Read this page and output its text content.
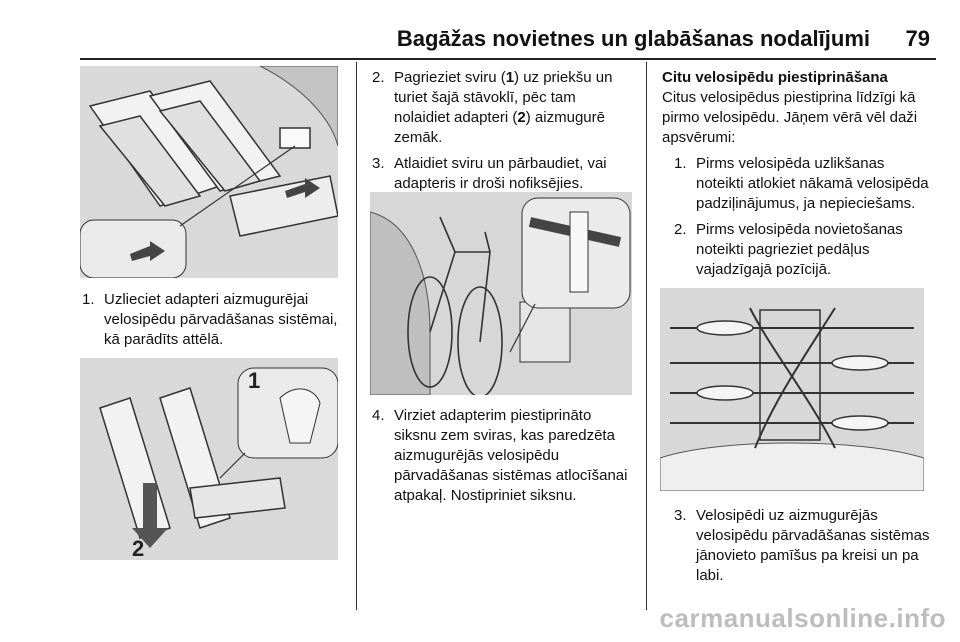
Bagāžas novietnes un glabāšanas nodalījumi	79
1
2
1. Uzlieciet adapteri aizmugurējai velosipēdu pārvadāšanas sistēmai, kā parādīts attēlā.
2. Pagrieziet sviru (1) uz priekšu un turiet šajā stāvoklī, pēc tam nolaidiet adapteri (2) aizmugurē zemāk.
3. Atlaidiet sviru un pārbaudiet, vai adapteris ir droši nofiksējies.
4. Virziet adapterim piestiprināto siksnu zem sviras, kas paredzēta aizmugurējās velosipēdu pārvadāšanas sistēmas atlocīšanai atpakaļ. Nostipriniet siksnu.

Citu velosipēdu piestiprināšana

Citus velosipēdus piestiprina līdzīgi kā pirmo velosipēdu. Jāņem vērā vēl daži apsvērumi:

1. Pirms velosipēda uzlikšanas noteikti atlokiet nākamā velosipēda padziļinājumus, ja nepieciešams.
2. Pirms velosipēda novietošanas noteikti pagrieziet pedāļus vajadzīgajā pozīcijā.
3. Velosipēdi uz aizmugurējās velosipēdu pārvadāšanas sistēmas jānovieto pamīšus pa kreisi un pa labi.
carmanualsonline.info
